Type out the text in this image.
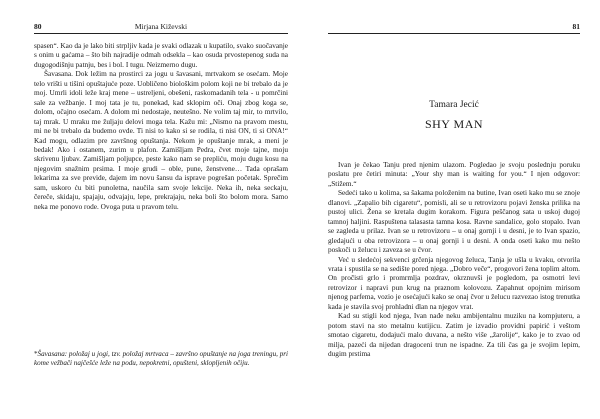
80	Mirjana Kiževski

spasen“. Kao da je lako biti strpljiv kada je svaki odlazak u kupatilo, svako suočavanje s onim u gaćama – što bih najradije odmah odsekla – kao osuda prvostepenog suda na dugogodišnju patnju, bes i bol. I tugu. Neizmerno dugu.

Šavasana. Dok ležim na prostirci za jogu u šavasani, mrtvakom se osećam. Moje telo vrišti u tišini opuštajuće poze. Uobličeno biološkim polom koji ne bi trebalo da je moj. Umrli idoli leže kraj mene – ustreljeni, obešeni, raskomadanih tela - u pomrčini sale za vežbanje. I moj tata je tu, ponekad, kad sklopim oči. Onaj zbog koga se, dolom, očajno osećam. A dolom mi nedostaje, neutešno. Ne volim taj mir, to mrtvilo, taj mrak. U mraku me žuljaju delovi moga tela. Kažu mi: „Nismo na pravom mestu, mi ne bi trebalo da budemo ovde. Ti nisi to kako si se rodila, ti nisi ON, ti si ONA!“ Kad mogu, odlazim pre završnog opuštanja. Nekom je opuštanje mrak, a meni je bedak! Ako i ostanem, zurim u plafon. Zamišljam Pedra, čvet moje tajne, moju skrivenu ljubav. Zamišljam poljupce, peste kako nam se prepliću, moju dugu kosu na njegovim snažnim prsima. I moje grudi – oble, pune, ženstvene… Tada oprašam lekarima za sve previde, dajem im novu šansu da isprave pogrešan početak. Sprečim sam, uskoro ću biti punoletna, naučila sam svoje lekcije. Neka ih, neka seckaju, čereče, skidaju, spajaju, odvajaju, lepe, prekrajaju, neka boli što bolom mora. Samo neka me ponovo rode. Ovoga puta u pravom telu.

*Šavasana: položaj u jogi, tzv. položaj mrtvaca – završno opuštanje na joga treningu, pri kome vežbači najčešće leže na podu, nepokretni, opušteni, sklopljenih očiju.
81
Tamara Jecić
SHY MAN

Ivan je čekao Tanju pred njenim ulazom. Pogledao je svoju poslednju poruku poslatu pre četiri minuta: „Your shy man is waiting for you.“ I njen odgovor: „Stižem.“

Sedeći tako u kolima, sa šakama položenim na butine, Ivan oseti kako mu se znoje dlanovi. „Zapalio bih cigaretu“, pomisli, ali se u retrovizoru pojavi ženska prilika na pustoj ulici. Žena se kretala dugim korakom. Figura peščanog sata u uskoj dugoj tamnoj haljini. Raspuštena talasasta tamna kosa. Ravne sandalice, golo stopalo. Ivan se zagleda u prilaz. Ivan se u retrovizoru – u onaj gornji i u desni, je to Ivan spazio, gledajući u oba retrovizora – u onaj gornji i u desni. A onda oseti kako mu nešto poskoči u želucu i zaveza se u čvor.

Već u sledećoj sekvenci grčenja njegovog želuca, Tanja je ušla u kvaku, otvorila vrata i spustila se na sedište pored njega. „Dobro veče“, progovori žena toplim altom. On pročisti grlo i promrmlja pozdrav, okrznuvši je pogledom, pa osmotri levi retrovizor i napravi pun krug na praznom kolovozu. Zapahnut opojnim mirisom njenog parfema, vozio je osećajući kako se onaj čvor u želucu razvezao istog trenutka kada je stavila svoj prohladni dlan na njegov vrat.

Kad su stigli kod njega, Ivan nađe neku ambijentalnu muziku na kompjuteru, a potom stavi na sto metalnu kutijicu. Zatim je izvadio providni papirić i veštom smotao cigaretu, dodajući malo duvana, a nešto više „žarolije“, kako je to zvao od milja, pazeći da nijedan dragoceni trun ne ispadne. Za tili čas ga je svojim lepim, dugim prstima
